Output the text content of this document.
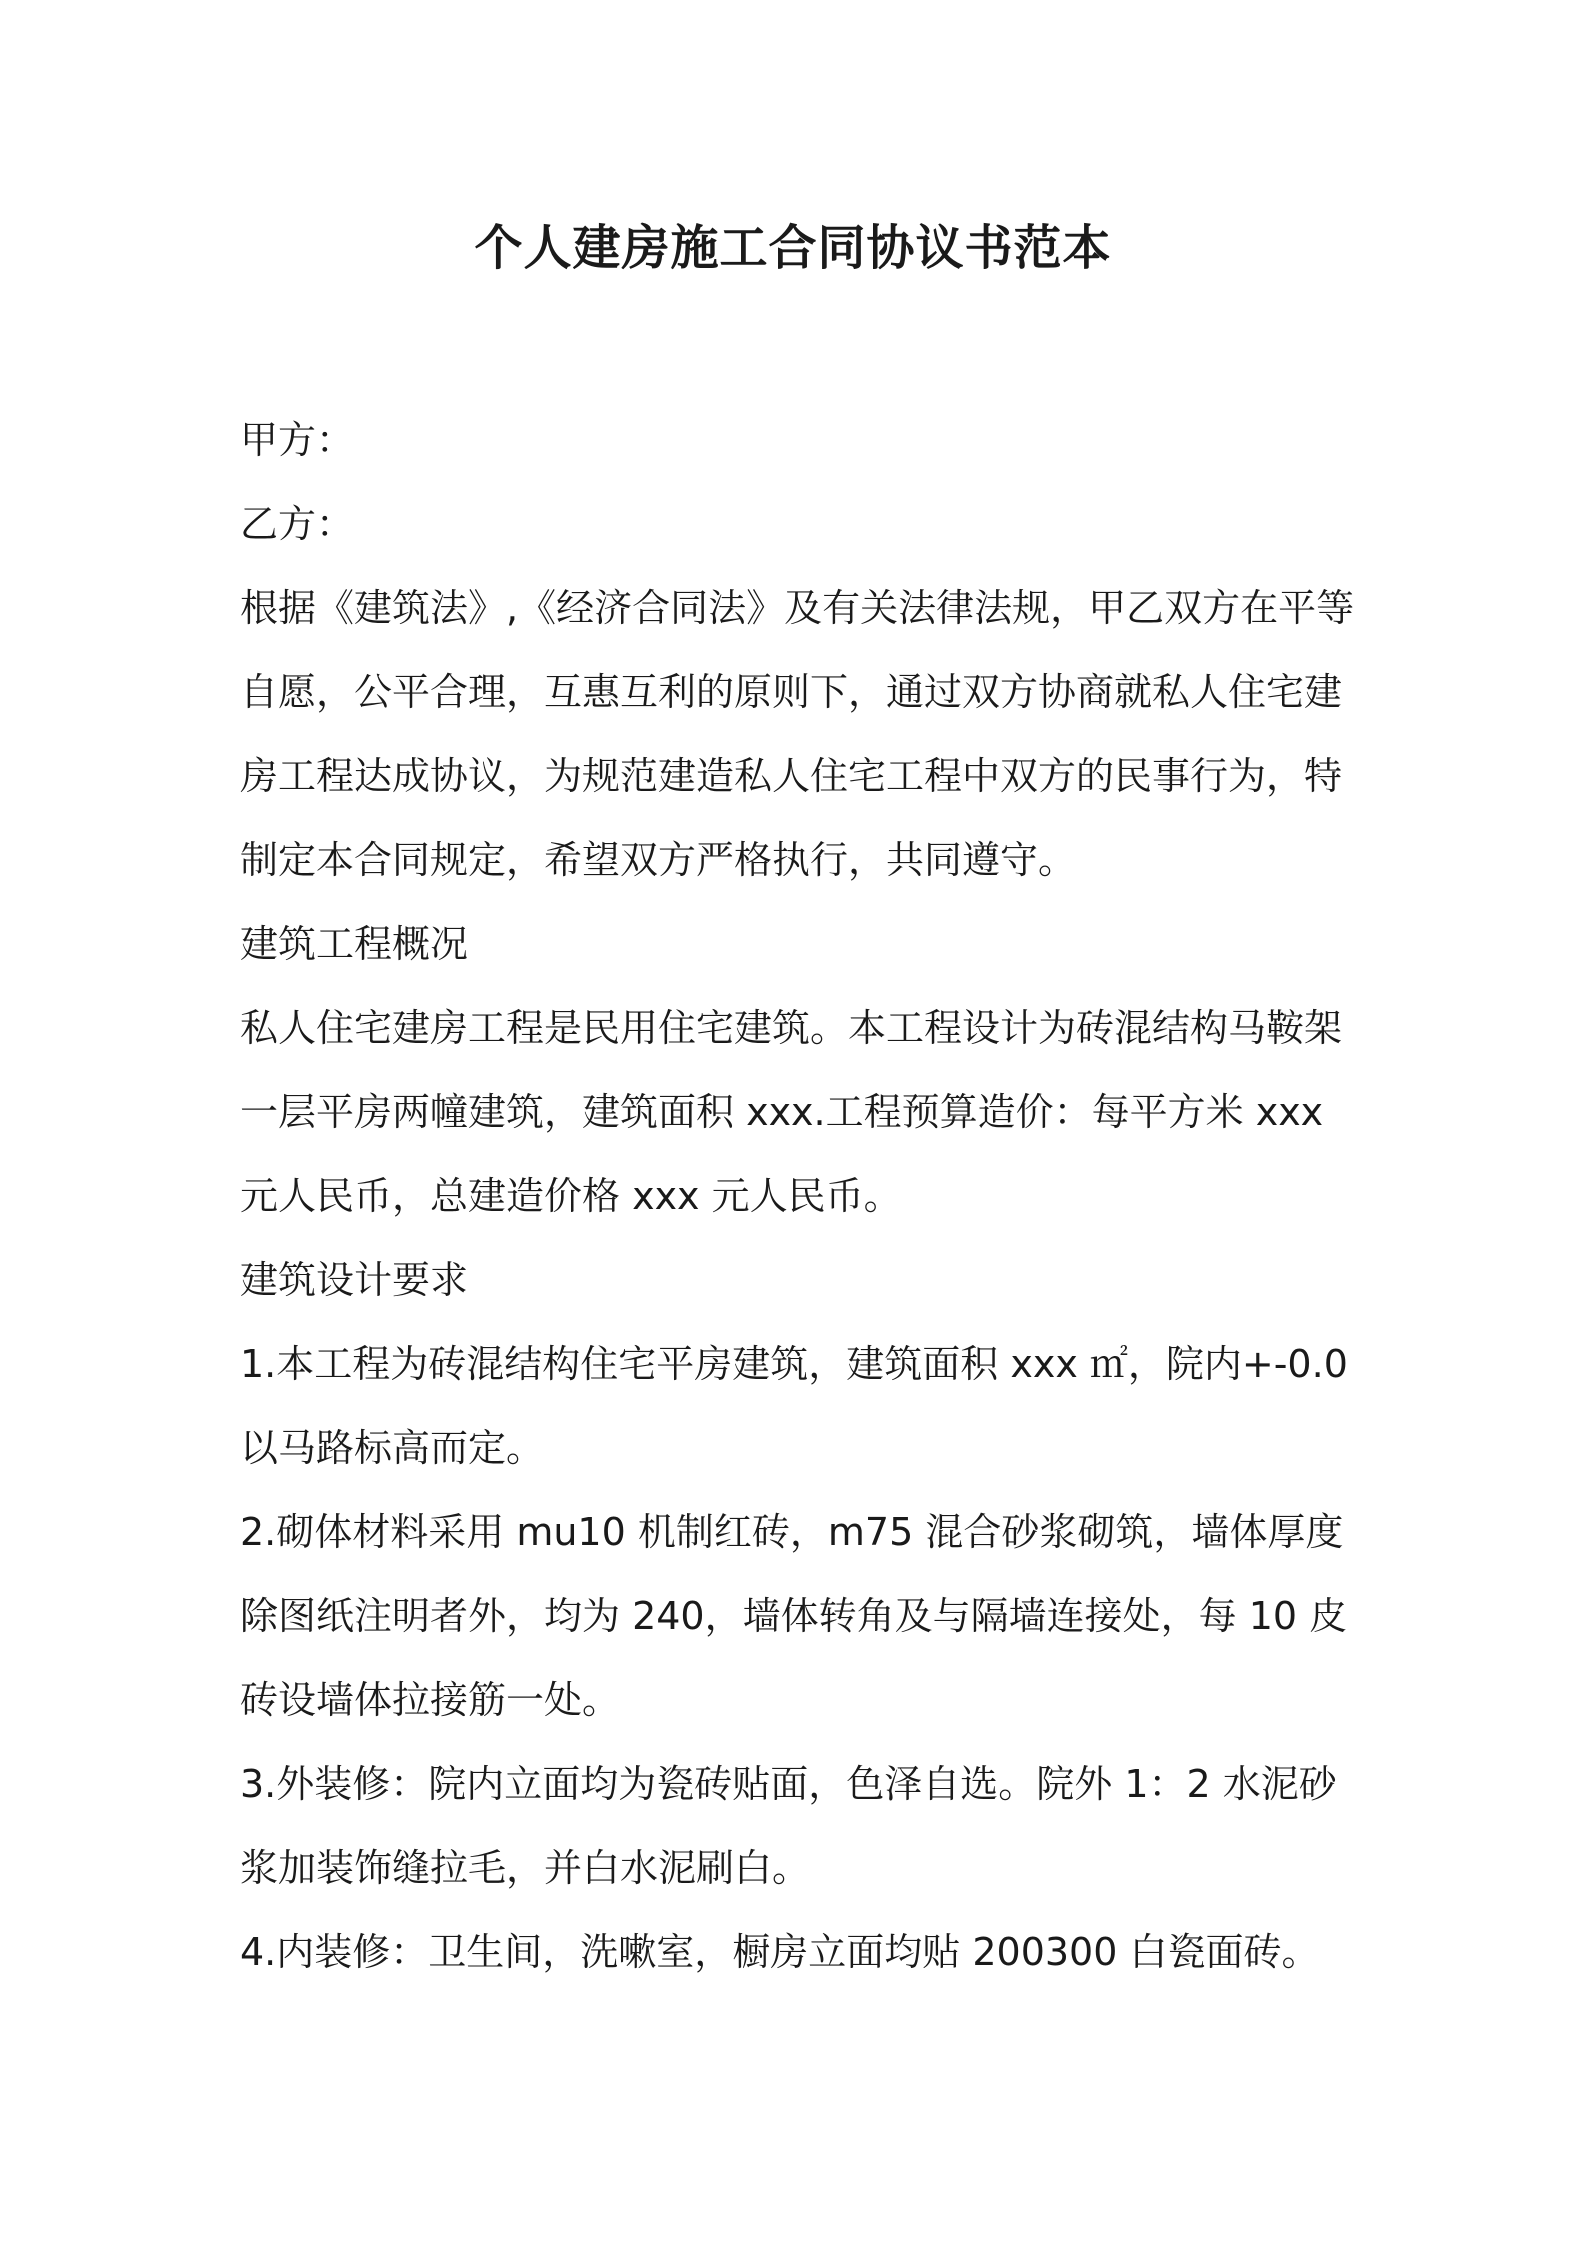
个人建房施工合同协议书范本

甲方：

乙方：

根据《建筑法》,《经济合同法》及有关法律法规，甲乙双方在平等自愿，公平合理，互惠互利的原则下，通过双方协商就私人住宅建房工程达成协议，为规范建造私人住宅工程中双方的民事行为，特制定本合同规定，希望双方严格执行，共同遵守。

建筑工程概况

私人住宅建房工程是民用住宅建筑。本工程设计为砖混结构马鞍架一层平房两幢建筑，建筑面积 xxx.工程预算造价：每平方米 xxx 元人民币，总建造价格 xxx 元人民币。

建筑设计要求

1.本工程为砖混结构住宅平房建筑，建筑面积 xxx ㎡，院内+-0.0 以马路标高而定。

2.砌体材料采用 mu10 机制红砖，m75 混合砂浆砌筑，墙体厚度除图纸注明者外，均为 240，墙体转角及与隔墙连接处，每 10 皮砖设墙体拉接筋一处。

3.外装修：院内立面均为瓷砖贴面，色泽自选。院外 1：2 水泥砂浆加装饰缝拉毛，并白水泥刷白。

4.内装修：卫生间，洗嗽室，橱房立面均贴 200300 白瓷面砖。
